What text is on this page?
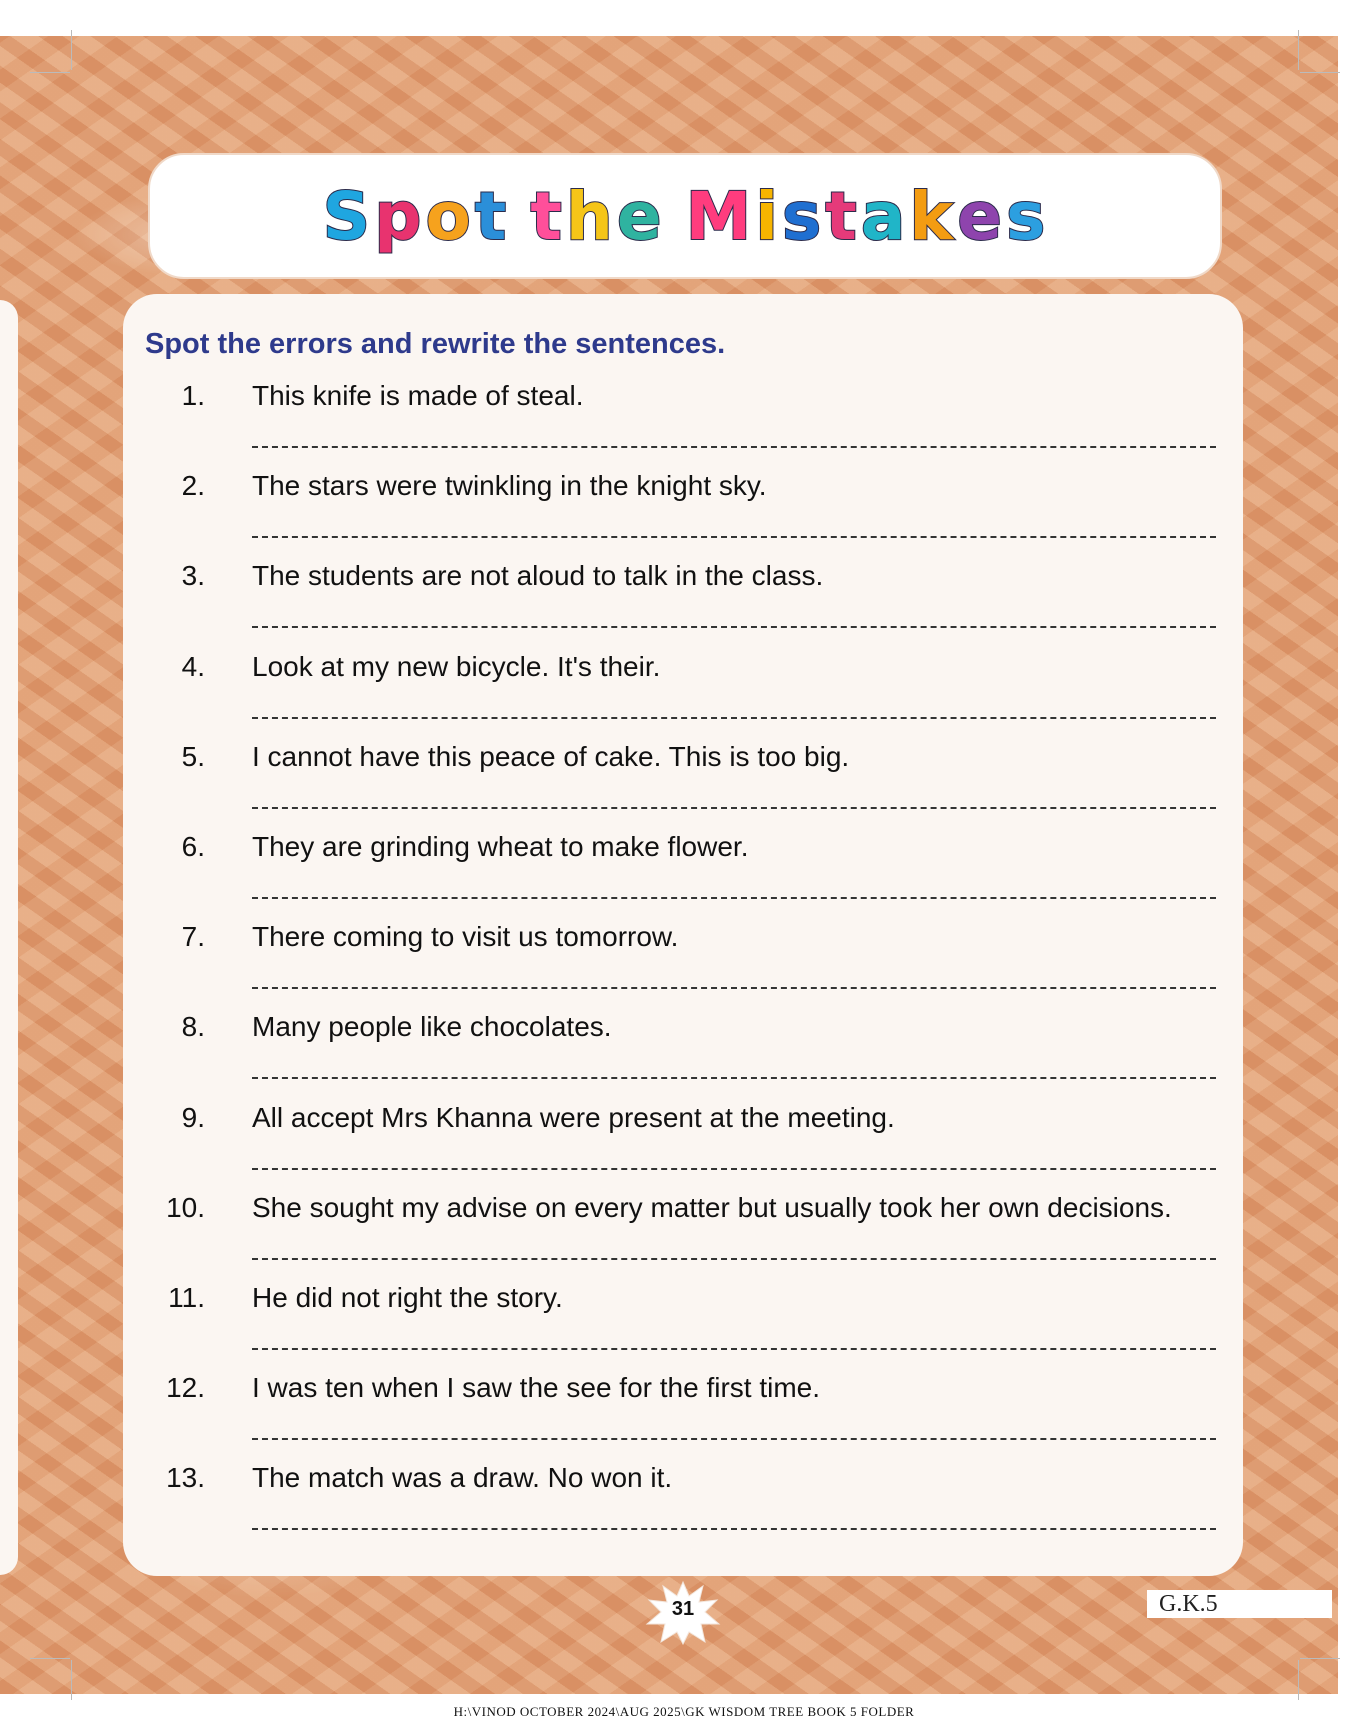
S p o t
t h e
M i s t a k e s
Spot the errors and rewrite the sentences.
1. This knife is made of steal.
2. The stars were twinkling in the knight sky.
3. The students are not aloud to talk in the class.
4. Look at my new bicycle. It's their.
5. I cannot have this peace of cake. This is too big.
6. They are grinding wheat to make flower.
7. There coming to visit us tomorrow.
8. Many people like chocolates.
9. All accept Mrs Khanna were present at the meeting.
10. She sought my advise on every matter but usually took her own decisions.
11. He did not right the story.
12. I was ten when I saw the see for the first time.
13. The match was a draw. No won it.
31	G.K.5
H:\VINOD OCTOBER 2024\AUG 2025\GK WISDOM TREE BOOK 5 FOLDER
